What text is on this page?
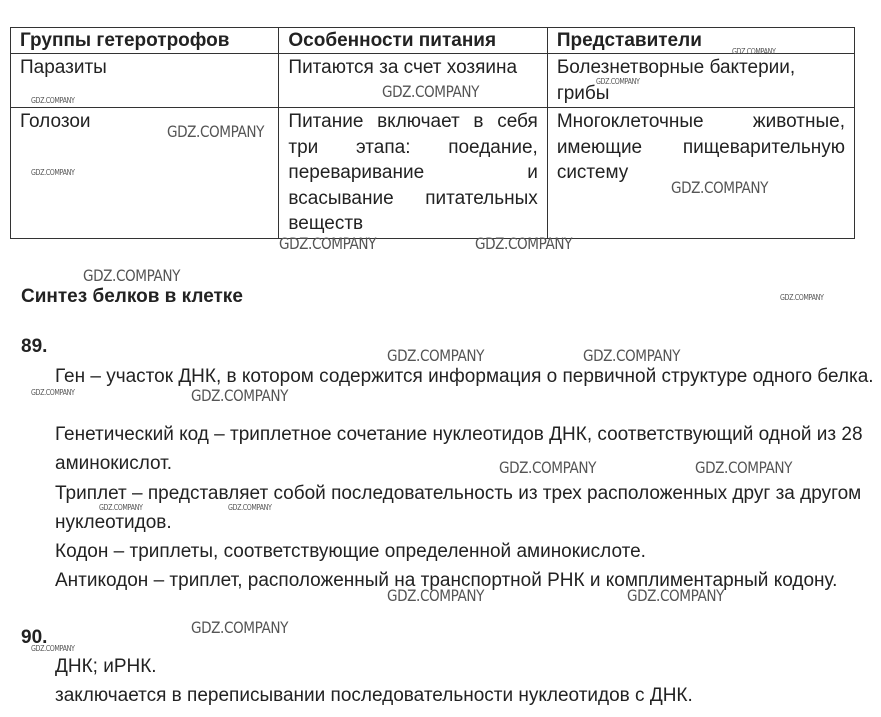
Группы гетеротрофов	Особенности питания	Представители
Паразиты	Питаются за счет хозяина	Болезнетворные бактерии, грибы
Голозои	Питание включает в себя три этапа: поедание, переваривание и всасывание питательных веществ	Многоклеточные животные, имеющие пищеварительную систему
Синтез белков в клетке
89.
Ген – участок ДНК, в котором содержится информация о первичной структуре одного белка.
Генетический код – триплетное сочетание нуклеотидов ДНК, соответствующий одной из 28 аминокислот.
Триплет – представляет собой последовательность из трех расположенных друг за другом нуклеотидов.
Кодон – триплеты, соответствующие определенной аминокислоте.
Антикодон – триплет, расположенный на транспортной РНК и комплиментарный кодону.
90.
ДНК; иРНК.
заключается в переписывании последовательности нуклеотидов с ДНК.
GDZ.COMPANY
GDZ.COMPANY
GDZ.COMPANY
GDZ.COMPANY
GDZ.COMPANY
GDZ.COMPANY
GDZ.COMPANY
GDZ.COMPANY	GDZ.COMPANY
GDZ.COMPANY
GDZ.COMPANY
GDZ.COMPANY	GDZ.COMPANY
GDZ.COMPANY	GDZ.COMPANY
GDZ.COMPANY	GDZ.COMPANY
GDZ.COMPANY	GDZ.COMPANY
GDZ.COMPANY	GDZ.COMPANY
GDZ.COMPANY
GDZ.COMPANY
